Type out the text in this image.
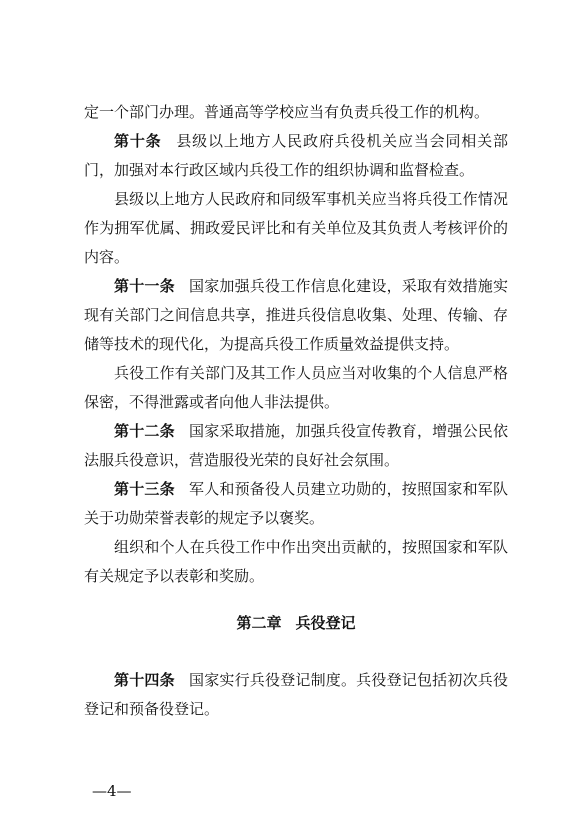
定一个部门办理。普通高等学校应当有负责兵役工作的机构。

第十条 县级以上地方人民政府兵役机关应当会同相关部门，加强对本行政区域内兵役工作的组织协调和监督检查。

县级以上地方人民政府和同级军事机关应当将兵役工作情况作为拥军优属、拥政爱民评比和有关单位及其负责人考核评价的内容。

第十一条 国家加强兵役工作信息化建设，采取有效措施实现有关部门之间信息共享，推进兵役信息收集、处理、传输、存储等技术的现代化，为提高兵役工作质量效益提供支持。

兵役工作有关部门及其工作人员应当对收集的个人信息严格保密，不得泄露或者向他人非法提供。

第十二条 国家采取措施，加强兵役宣传教育，增强公民依法服兵役意识，营造服役光荣的良好社会氛围。

第十三条 军人和预备役人员建立功勋的，按照国家和军队关于功勋荣誉表彰的规定予以褒奖。

组织和个人在兵役工作中作出突出贡献的，按照国家和军队有关规定予以表彰和奖励。

第二章 兵役登记

第十四条 国家实行兵役登记制度。兵役登记包括初次兵役登记和预备役登记。

—4—
